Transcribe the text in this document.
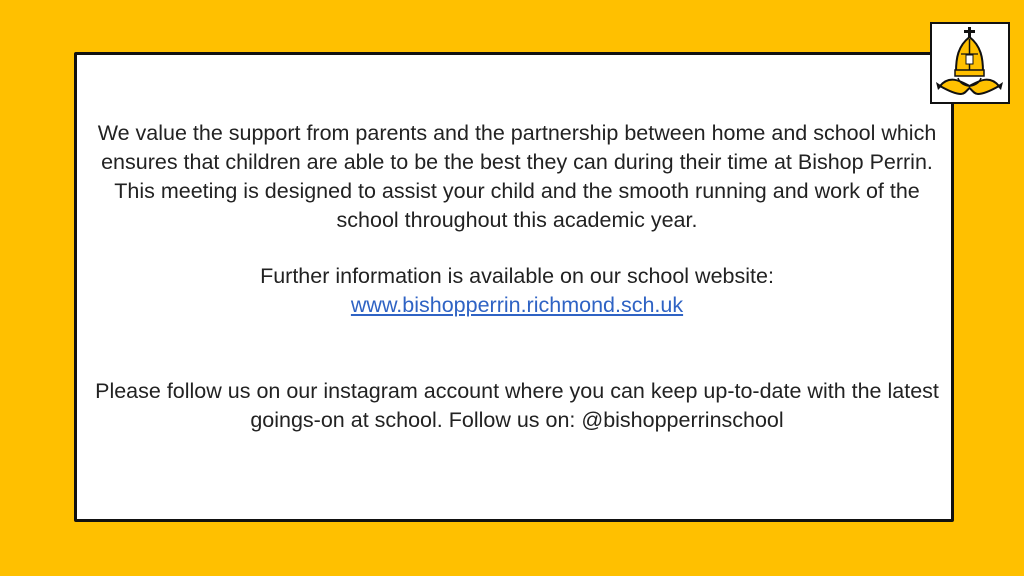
We value the support from parents and the partnership between home and school which ensures that children are able to be the best they can during their time at Bishop Perrin. This meeting is designed to assist your child and the smooth running and work of the school throughout this academic year.
Further information is available on our school website:
www.bishopperrin.richmond.sch.uk
Please follow us on our instagram account where you can keep up-to-date with the latest goings-on at school. Follow us on: @bishopperrinschool
